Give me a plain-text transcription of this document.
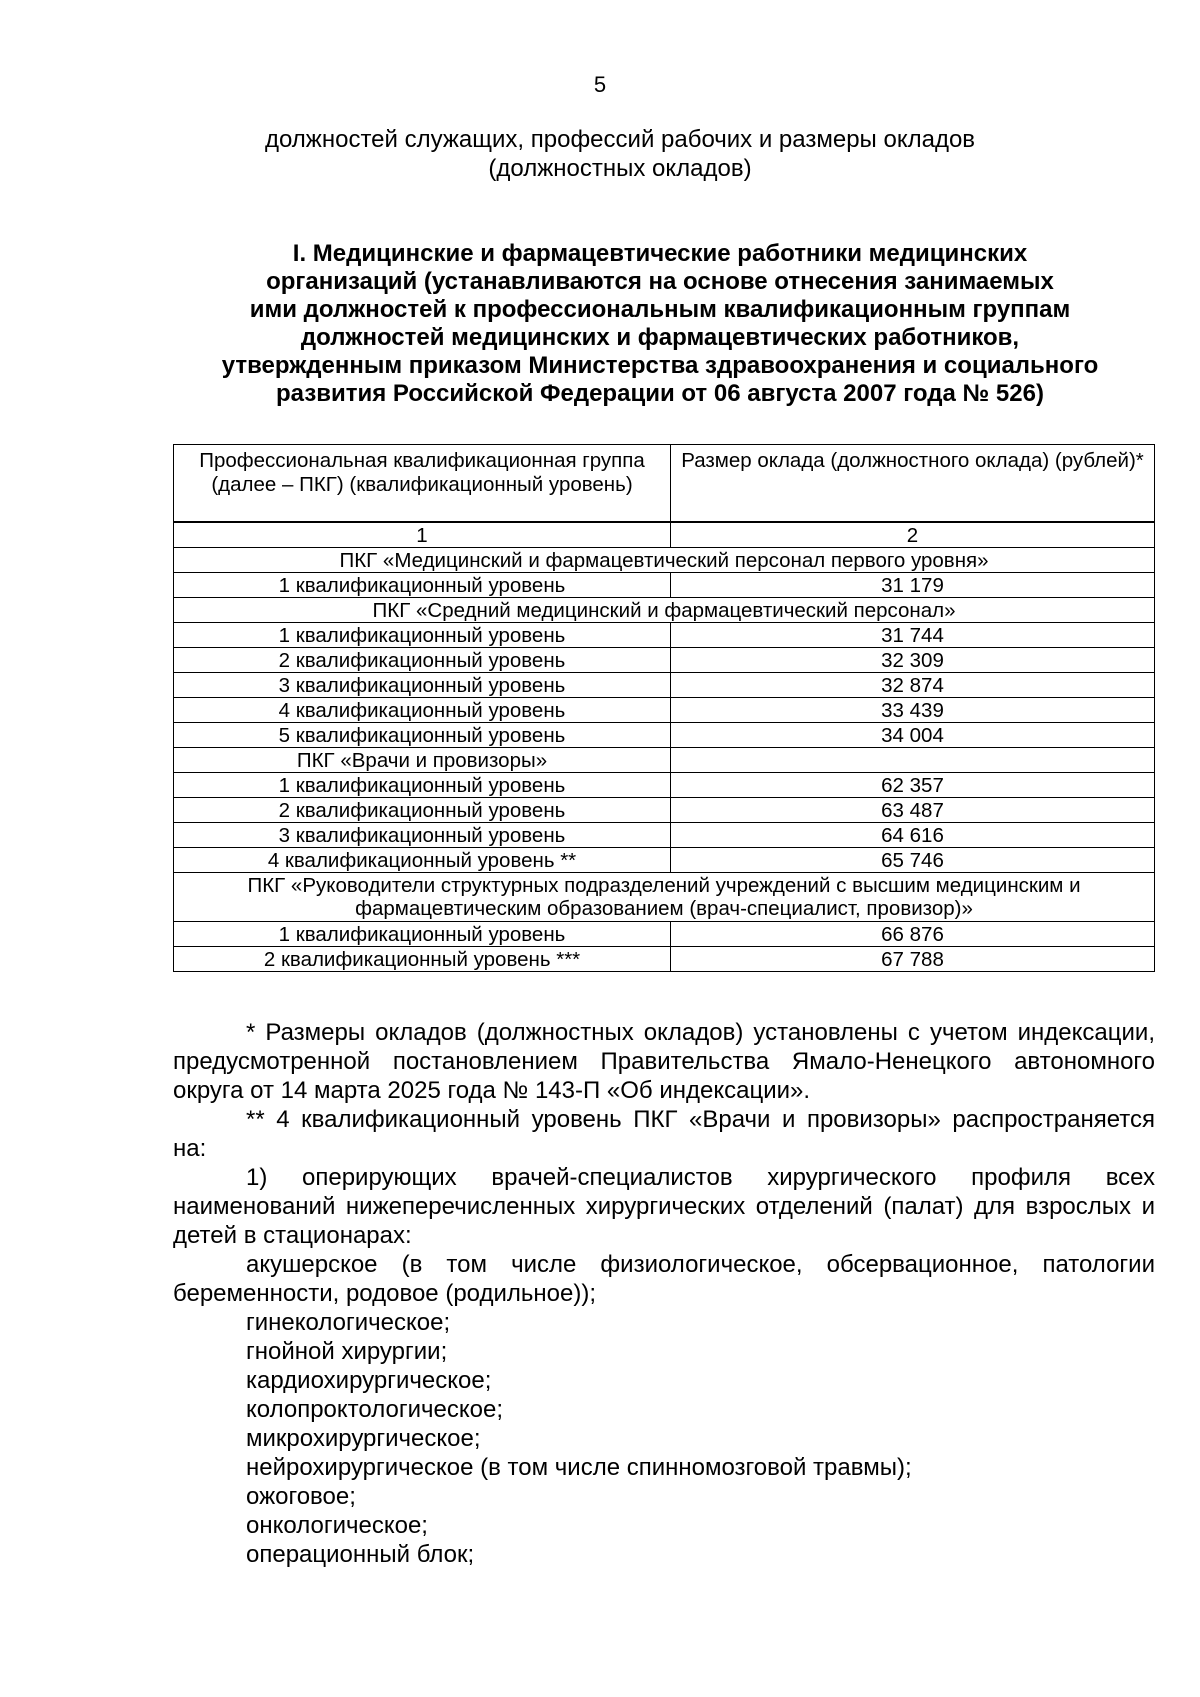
5
должностей служащих, профессий рабочих и размеры окладов
(должностных окладов)
I. Медицинские и фармацевтические работники медицинских
организаций (устанавливаются на основе отнесения занимаемых
ими должностей к профессиональным квалификационным группам
должностей медицинских и фармацевтических работников,
утвержденным приказом Министерства здравоохранения и социального
развития Российской Федерации от 06 августа 2007 года № 526)
Профессиональная квалификационная группа (далее – ПКГ) (квалификационный уровень)	Размер оклада (должностного оклада) (рублей)*
1	2
ПКГ «Медицинский и фармацевтический персонал первого уровня»	
1 квалификационный уровень	31 179
ПКГ «Средний медицинский и фармацевтический персонал»	
1 квалификационный уровень	31 744
2 квалификационный уровень	32 309
3 квалификационный уровень	32 874
4 квалификационный уровень	33 439
5 квалификационный уровень	34 004
ПКГ «Врачи и провизоры»	
1 квалификационный уровень	62 357
2 квалификационный уровень	63 487
3 квалификационный уровень	64 616
4 квалификационный уровень **	65 746
ПКГ «Руководители структурных подразделений учреждений с высшим медицинским и фармацевтическим образованием (врач-специалист, провизор)»	
1 квалификационный уровень	66 876
2 квалификационный уровень ***	67 788

* Размеры окладов (должностных окладов) установлены с учетом индексации, предусмотренной постановлением Правительства Ямало-Ненецкого автономного округа от 14 марта 2025 года № 143-П «Об индексации».

** 4 квалификационный уровень ПКГ «Врачи и провизоры» распространяется на:

1) оперирующих врачей-специалистов хирургического профиля всех наименований нижеперечисленных хирургических отделений (палат) для взрослых и детей в стационарах:

акушерское (в том числе физиологическое, обсервационное, патологии беременности, родовое (родильное));

гинекологическое;

гнойной хирургии;

кардиохирургическое;

колопроктологическое;

микрохирургическое;

нейрохирургическое (в том числе спинномозговой травмы);

ожоговое;

онкологическое;

операционный блок;
